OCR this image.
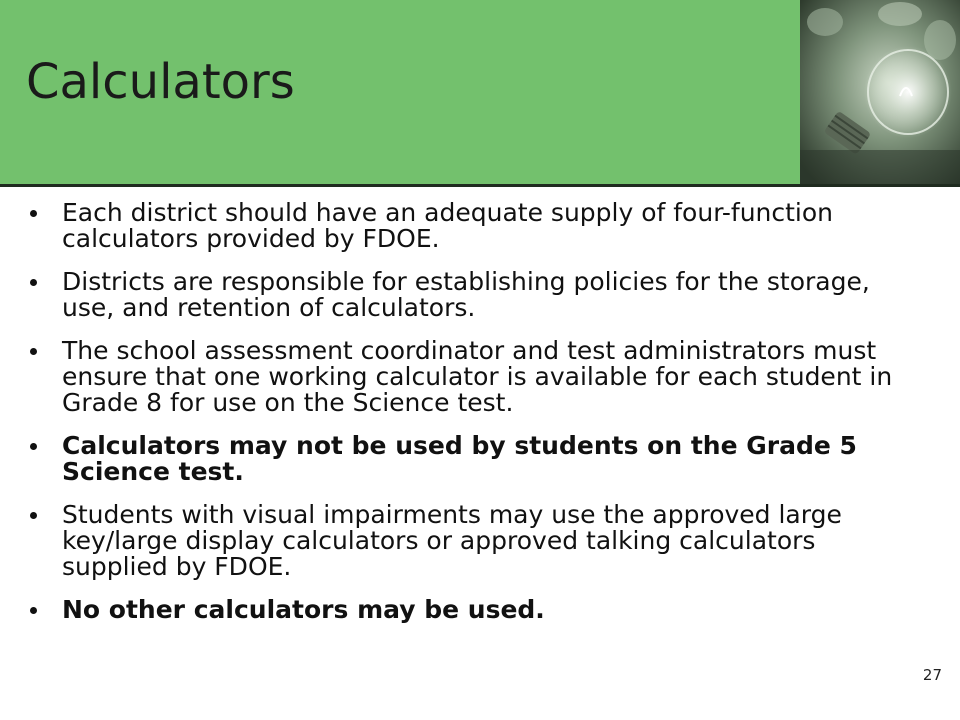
Calculators
Each district should have an adequate supply of four-function calculators provided by FDOE.
Districts are responsible for establishing policies for the storage, use, and retention of calculators.
The school assessment coordinator and test administrators must ensure that one working calculator is available for each student in Grade 8 for use on the Science test.
Calculators may not be used by students on the Grade 5 Science test.
Students with visual impairments may use the approved large key/large display calculators or approved talking calculators supplied by FDOE.
No other calculators may be used.
27
